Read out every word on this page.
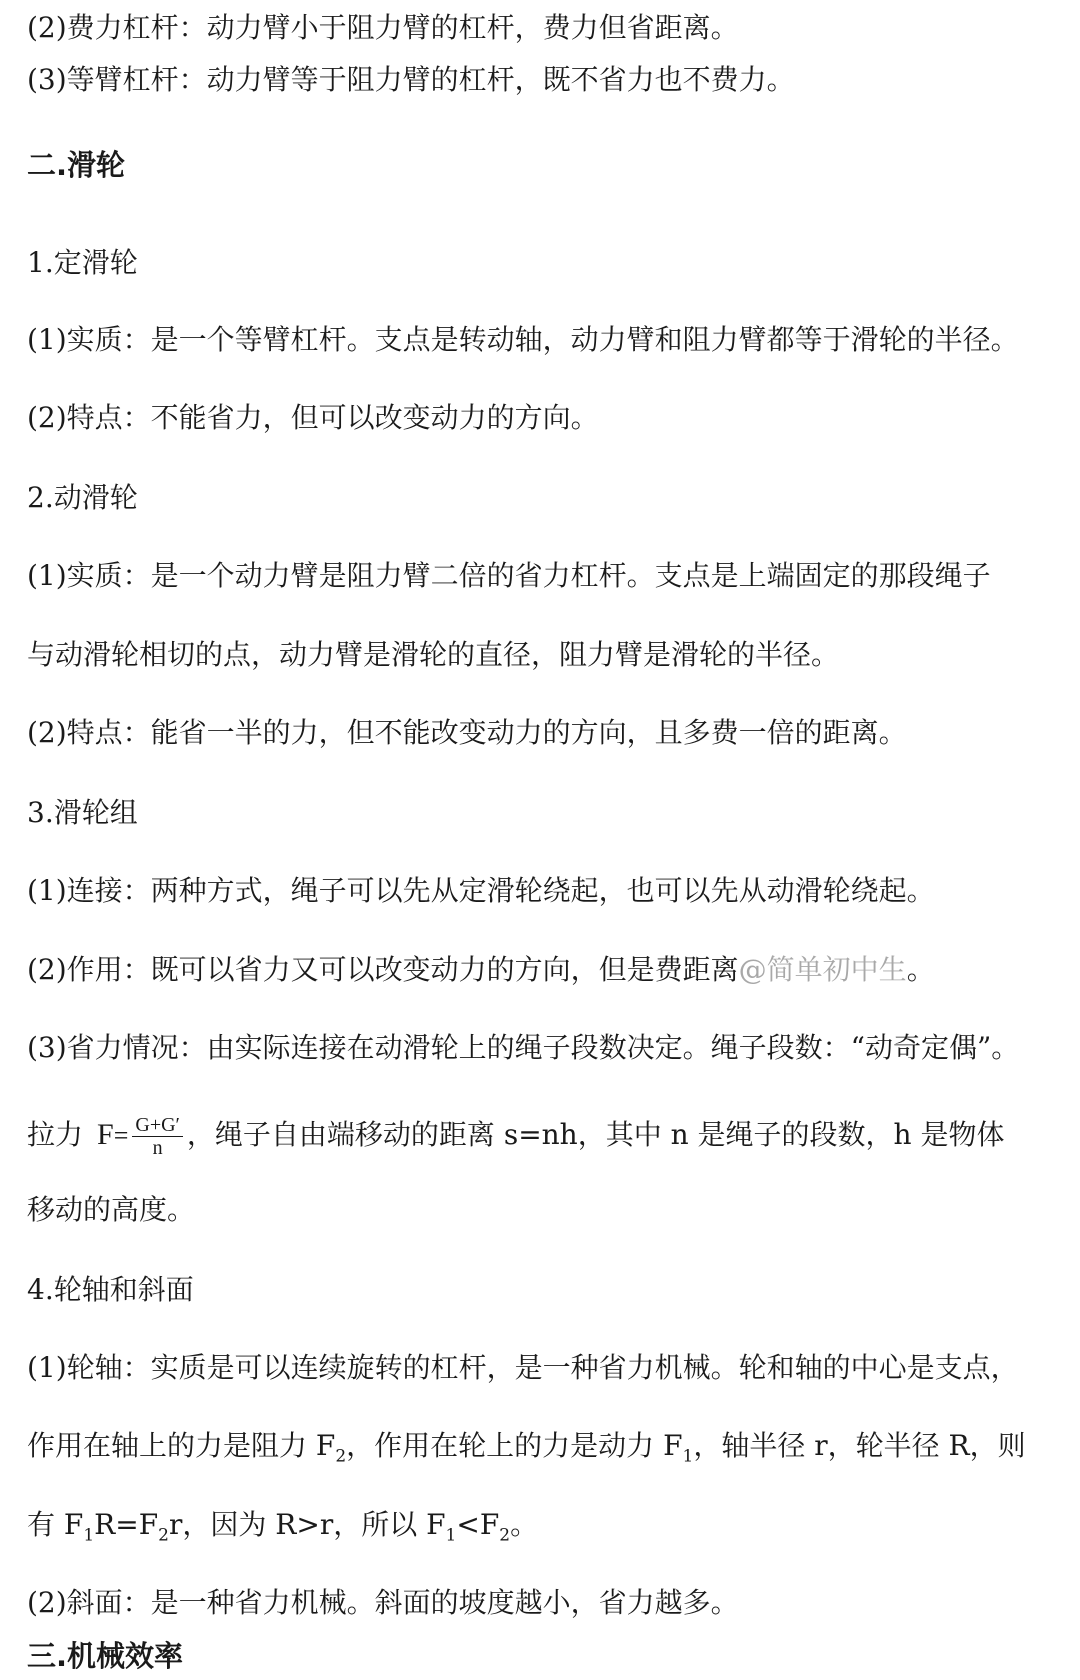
(2)费力杠杆：动力臂小于阻力臂的杠杆，费力但省距离。
(3)等臂杠杆：动力臂等于阻力臂的杠杆，既不省力也不费力。
二.滑轮
1.定滑轮
(1)实质：是一个等臂杠杆。支点是转动轴，动力臂和阻力臂都等于滑轮的半径。
(2)特点：不能省力，但可以改变动力的方向。
2.动滑轮
(1)实质：是一个动力臂是阻力臂二倍的省力杠杆。支点是上端固定的那段绳子
与动滑轮相切的点，动力臂是滑轮的直径，阻力臂是滑轮的半径。
(2)特点：能省一半的力，但不能改变动力的方向，且多费一倍的距离。
3.滑轮组
(1)连接：两种方式，绳子可以先从定滑轮绕起，也可以先从动滑轮绕起。
(2)作用：既可以省力又可以改变动力的方向，但是费距离@简单初中生。
(3)省力情况：由实际连接在动滑轮上的绳子段数决定。绳子段数：“动奇定偶”。
拉力 $F= \frac{G+G'}{n}$ ，绳子自由端移动的距离 s=nh，其中 n 是绳子的段数，h 是物体
移动的高度。
4.轮轴和斜面
(1)轮轴：实质是可以连续旋转的杠杆，是一种省力机械。轮和轴的中心是支点，
作用在轴上的力是阻力 $F_2$，作用在轮上的力是动力 $F_1$，轴半径 r，轮半径 R，则
有 $F_1R=F_2r$，因为 R>r，所以 $F_1<F_2$。
(2)斜面：是一种省力机械。斜面的坡度越小，省力越多。
三.机械效率
